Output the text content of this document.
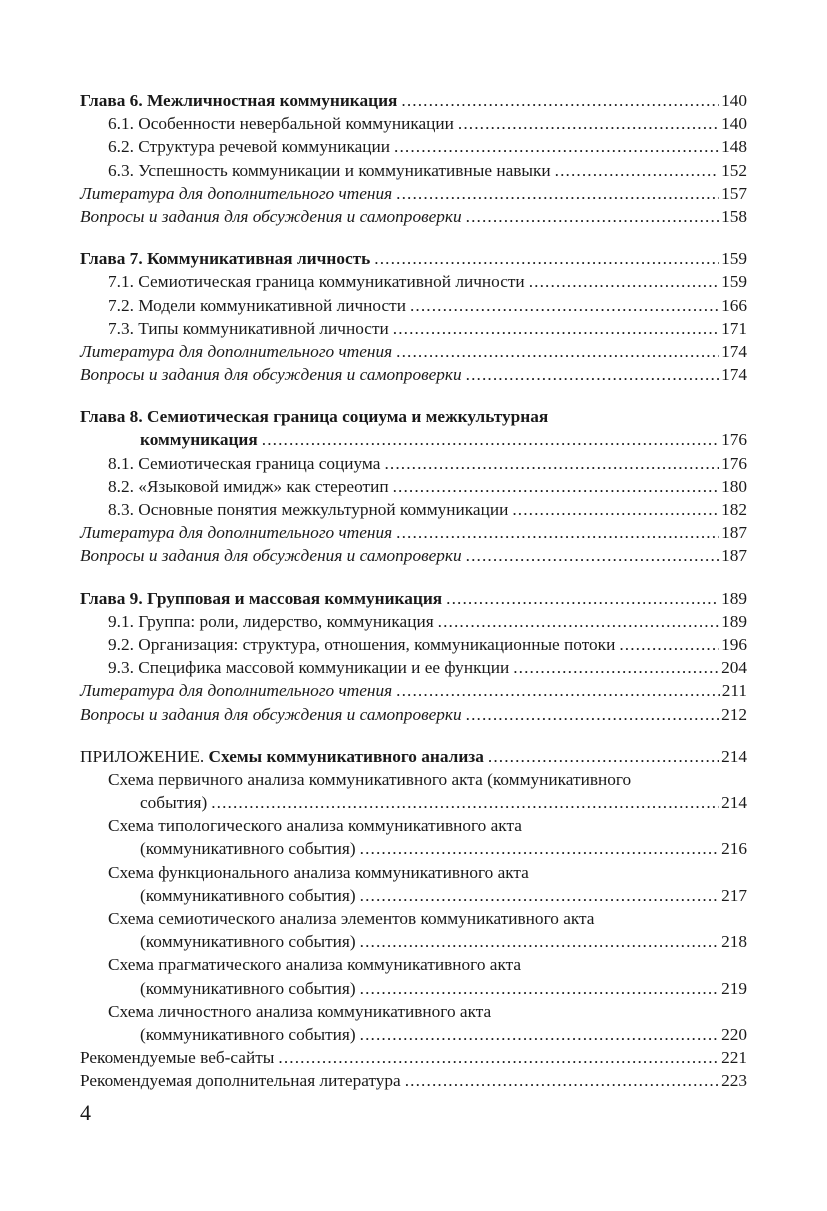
Глава 6. Межличностная коммуникация . . .	140
6.1. Особенности невербальной коммуникации . . .	140
6.2. Структура речевой коммуникации . . .	148
6.3. Успешность коммуникации и коммуникативные навыки . . .	152
Литература для дополнительного чтения . . .	157
Вопросы и задания для обсуждения и самопроверки . . .	158
Глава 7. Коммуникативная личность . . .	159
7.1. Семиотическая граница коммуникативной личности . . .	159
7.2. Модели коммуникативной личности . . .	166
7.3. Типы коммуникативной личности . . .	171
Литература для дополнительного чтения . . .	174
Вопросы и задания для обсуждения и самопроверки . . .	174
Глава 8. Семиотическая граница социума и межкультурная
коммуникация . . .	176
8.1. Семиотическая граница социума . . .	176
8.2. «Языковой имидж» как стереотип . . .	180
8.3. Основные понятия межкультурной коммуникации . . .	182
Литература для дополнительного чтения . . .	187
Вопросы и задания для обсуждения и самопроверки . . .	187
Глава 9. Групповая и массовая коммуникация . . .	189
9.1. Группа: роли, лидерство, коммуникация . . .	189
9.2. Организация: структура, отношения, коммуникационные потоки . . .	196
9.3. Специфика массовой коммуникации и ее функции . . .	204
Литература для дополнительного чтения . . .	211
Вопросы и задания для обсуждения и самопроверки . . .	212
ПРИЛОЖЕНИЕ. Схемы коммуникативного анализа . . .	214
Схема первичного анализа коммуникативного акта (коммуникативного
события) . . .	214
Схема типологического анализа коммуникативного акта
(коммуникативного события) . . .	216
Схема функционального анализа коммуникативного акта
(коммуникативного события) . . .	217
Схема семиотического анализа элементов коммуникативного акта
(коммуникативного события) . . .	218
Схема прагматического анализа коммуникативного акта
(коммуникативного события) . . .	219
Схема личностного анализа коммуникативного акта
(коммуникативного события) . . .	220
Рекомендуемые веб-сайты . . .	221
Рекомендуемая дополнительная литература . . .	223
4
